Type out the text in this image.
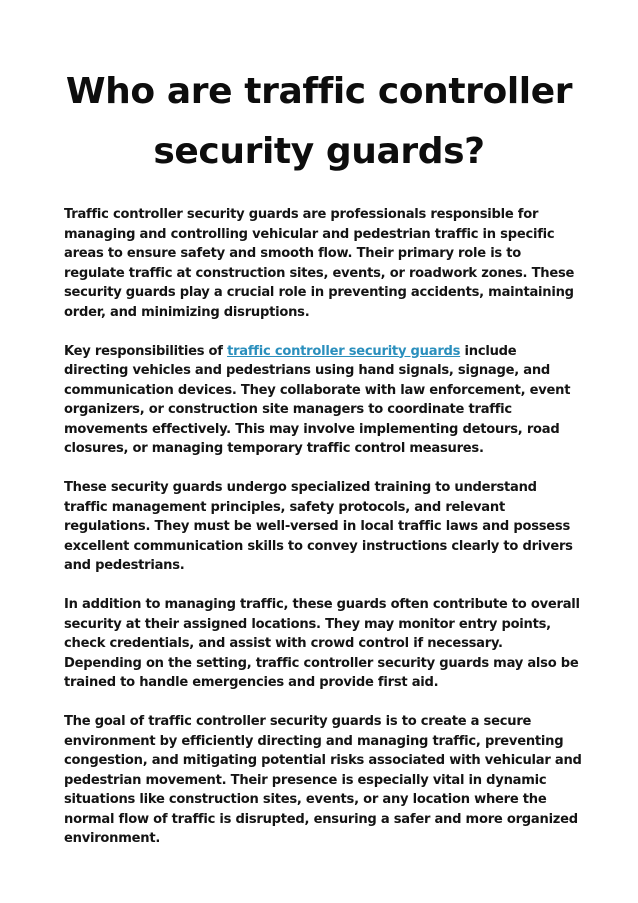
Who are traffic controller security guards?

Traffic controller security guards are professionals responsible for managing and controlling vehicular and pedestrian traffic in specific areas to ensure safety and smooth flow. Their primary role is to regulate traffic at construction sites, events, or roadwork zones. These security guards play a crucial role in preventing accidents, maintaining order, and minimizing disruptions.

Key responsibilities of traffic controller security guards include directing vehicles and pedestrians using hand signals, signage, and communication devices. They collaborate with law enforcement, event organizers, or construction site managers to coordinate traffic movements effectively. This may involve implementing detours, road closures, or managing temporary traffic control measures.

These security guards undergo specialized training to understand traffic management principles, safety protocols, and relevant regulations. They must be well-versed in local traffic laws and possess excellent communication skills to convey instructions clearly to drivers and pedestrians.

In addition to managing traffic, these guards often contribute to overall security at their assigned locations. They may monitor entry points, check credentials, and assist with crowd control if necessary. Depending on the setting, traffic controller security guards may also be trained to handle emergencies and provide first aid.

The goal of traffic controller security guards is to create a secure environment by efficiently directing and managing traffic, preventing congestion, and mitigating potential risks associated with vehicular and pedestrian movement. Their presence is especially vital in dynamic situations like construction sites, events, or any location where the normal flow of traffic is disrupted, ensuring a safer and more organized environment.
